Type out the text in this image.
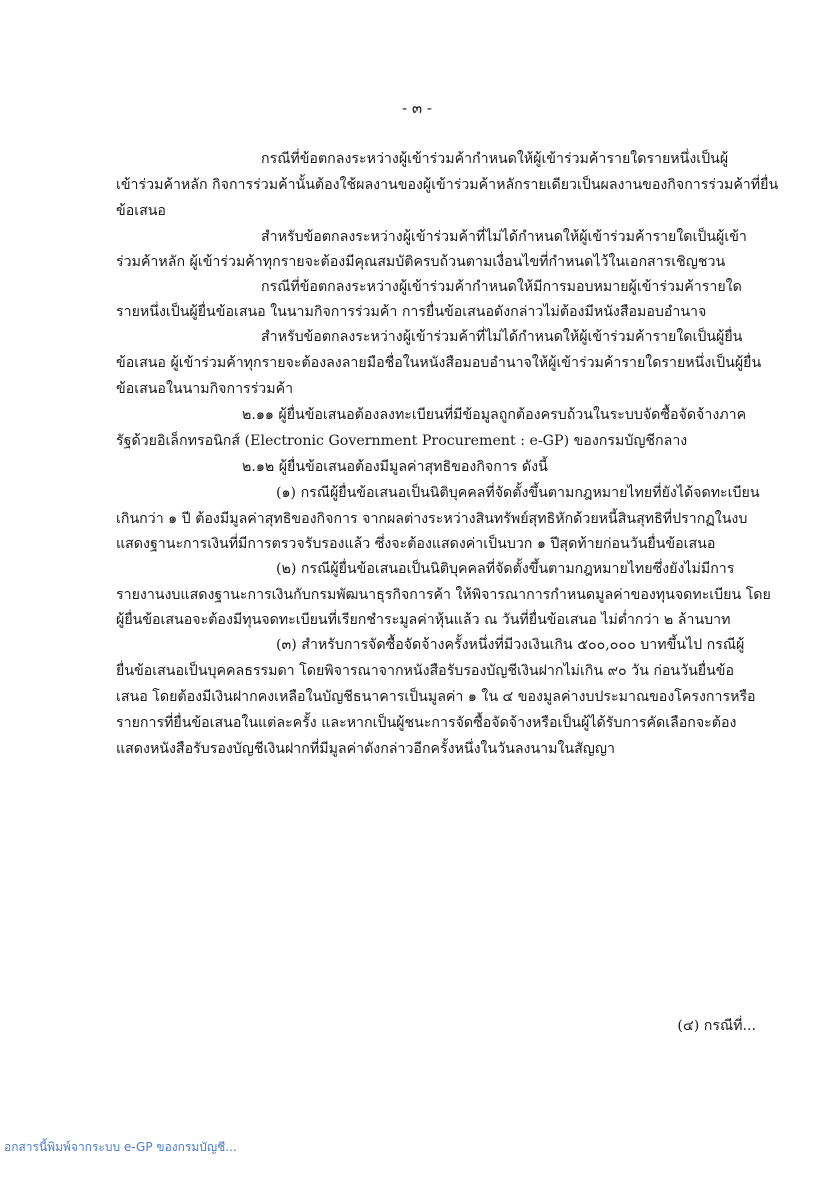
- ๓ -
กรณีที่ข้อตกลงระหว่างผู้เข้าร่วมค้ากำหนดให้ผู้เข้าร่วมค้ารายใดรายหนึ่งเป็นผู้
เข้าร่วมค้าหลัก กิจการร่วมค้านั้นต้องใช้ผลงานของผู้เข้าร่วมค้าหลักรายเดียวเป็นผลงานของกิจการร่วมค้าที่ยื่น
ข้อเสนอ
สำหรับข้อตกลงระหว่างผู้เข้าร่วมค้าที่ไม่ได้กำหนดให้ผู้เข้าร่วมค้ารายใดเป็นผู้เข้า
ร่วมค้าหลัก ผู้เข้าร่วมค้าทุกรายจะต้องมีคุณสมบัติครบถ้วนตามเงื่อนไขที่กำหนดไว้ในเอกสารเชิญชวน
กรณีที่ข้อตกลงระหว่างผู้เข้าร่วมค้ากำหนดให้มีการมอบหมายผู้เข้าร่วมค้ารายใด
รายหนึ่งเป็นผู้ยื่นข้อเสนอ ในนามกิจการร่วมค้า การยื่นข้อเสนอดังกล่าวไม่ต้องมีหนังสือมอบอำนาจ
สำหรับข้อตกลงระหว่างผู้เข้าร่วมค้าที่ไม่ได้กำหนดให้ผู้เข้าร่วมค้ารายใดเป็นผู้ยื่น
ข้อเสนอ ผู้เข้าร่วมค้าทุกรายจะต้องลงลายมือชื่อในหนังสือมอบอำนาจให้ผู้เข้าร่วมค้ารายใดรายหนึ่งเป็นผู้ยื่น
ข้อเสนอในนามกิจการร่วมค้า
๒.๑๑ ผู้ยื่นข้อเสนอต้องลงทะเบียนที่มีข้อมูลถูกต้องครบถ้วนในระบบจัดซื้อจัดจ้างภาค
รัฐด้วยอิเล็กทรอนิกส์ (Electronic Government Procurement : e-GP) ของกรมบัญชีกลาง
๒.๑๒ ผู้ยื่นข้อเสนอต้องมีมูลค่าสุทธิของกิจการ ดังนี้
(๑) กรณีผู้ยื่นข้อเสนอเป็นนิติบุคคลที่จัดตั้งขึ้นตามกฎหมายไทยที่ยังได้จดทะเบียน
เกินกว่า ๑ ปี ต้องมีมูลค่าสุทธิของกิจการ จากผลต่างระหว่างสินทรัพย์สุทธิหักด้วยหนี้สินสุทธิที่ปรากฏในงบ
แสดงฐานะการเงินที่มีการตรวจรับรองแล้ว ซึ่งจะต้องแสดงค่าเป็นบวก ๑ ปีสุดท้ายก่อนวันยื่นข้อเสนอ
(๒) กรณีผู้ยื่นข้อเสนอเป็นนิติบุคคลที่จัดตั้งขึ้นตามกฎหมายไทยซึ่งยังไม่มีการ
รายงานงบแสดงฐานะการเงินกับกรมพัฒนาธุรกิจการค้า ให้พิจารณาการกำหนดมูลค่าของทุนจดทะเบียน โดย
ผู้ยื่นข้อเสนอจะต้องมีทุนจดทะเบียนที่เรียกชำระมูลค่าหุ้นแล้ว ณ วันที่ยื่นข้อเสนอ ไม่ต่ำกว่า ๒ ล้านบาท
(๓) สำหรับการจัดซื้อจัดจ้างครั้งหนึ่งที่มีวงเงินเกิน ๕๐๐,๐๐๐ บาทขึ้นไป กรณีผู้
ยื่นข้อเสนอเป็นบุคคลธรรมดา โดยพิจารณาจากหนังสือรับรองบัญชีเงินฝากไม่เกิน ๙๐ วัน ก่อนวันยื่นข้อ
เสนอ โดยต้องมีเงินฝากคงเหลือในบัญชีธนาคารเป็นมูลค่า ๑ ใน ๔ ของมูลค่างบประมาณของโครงการหรือ
รายการที่ยื่นข้อเสนอในแต่ละครั้ง และหากเป็นผู้ชนะการจัดซื้อจัดจ้างหรือเป็นผู้ได้รับการคัดเลือกจะต้อง
แสดงหนังสือรับรองบัญชีเงินฝากที่มีมูลค่าดังกล่าวอีกครั้งหนึ่งในวันลงนามในสัญญา
(๔) กรณีที่...
อกสารนี้พิมพ์จากระบบ e-GP ของกรมบัญชี...
